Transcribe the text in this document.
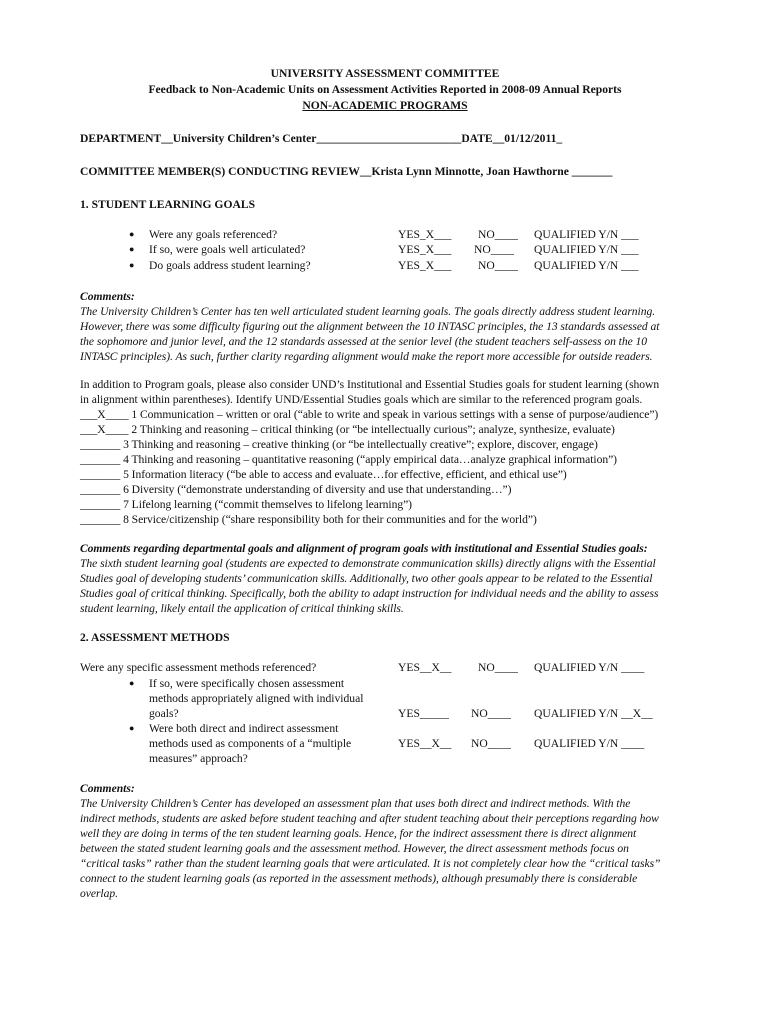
UNIVERSITY ASSESSMENT COMMITTEE
Feedback to Non-Academic Units on Assessment Activities Reported in 2008-09 Annual Reports
NON-ACADEMIC PROGRAMS
DEPARTMENT__University Children’s Center_________________________DATE__01/12/2011_
COMMITTEE MEMBER(S) CONDUCTING REVIEW__Krista Lynn Minnotte, Joan Hawthorne _______
1. STUDENT LEARNING GOALS
● Were any goals referenced?	YES_X___ NO____ QUALIFIED Y/N ___
● If so, were goals well articulated?	YES_X___ NO____ QUALIFIED Y/N ___
● Do goals address student learning?	YES_X___ NO____ QUALIFIED Y/N ___
Comments:
The University Children’s Center has ten well articulated student learning goals. The goals directly address student learning.
However, there was some difficulty figuring out the alignment between the 10 INTASC principles, the 13 standards assessed at
the sophomore and junior level, and the 12 standards assessed at the senior level (the student teachers self-assess on the 10
INTASC principles). As such, further clarity regarding alignment would make the report more accessible for outside readers.
In addition to Program goals, please also consider UND’s Institutional and Essential Studies goals for student learning (shown
in alignment within parentheses). Identify UND/Essential Studies goals which are similar to the referenced program goals.
___X____ 1 Communication – written or oral (“able to write and speak in various settings with a sense of purpose/audience”)
___X____ 2 Thinking and reasoning – critical thinking (or “be intellectually curious”; analyze, synthesize, evaluate)
_______ 3 Thinking and reasoning – creative thinking (or “be intellectually creative”; explore, discover, engage)
_______ 4 Thinking and reasoning – quantitative reasoning (“apply empirical data…analyze graphical information”)
_______ 5 Information literacy (“be able to access and evaluate…for effective, efficient, and ethical use”)
_______ 6 Diversity (“demonstrate understanding of diversity and use that understanding…”)
_______ 7 Lifelong learning (“commit themselves to lifelong learning”)
_______ 8 Service/citizenship (“share responsibility both for their communities and for the world”)
Comments regarding departmental goals and alignment of program goals with institutional and Essential Studies goals:
The sixth student learning goal (students are expected to demonstrate communication skills) directly aligns with the Essential
Studies goal of developing students’ communication skills. Additionally, two other goals appear to be related to the Essential
Studies goal of critical thinking. Specifically, both the ability to adapt instruction for individual needs and the ability to assess
student learning, likely entail the application of critical thinking skills.
2. ASSESSMENT METHODS
Were any specific assessment methods referenced?	YES__X__ NO____ QUALIFIED Y/N ____
● If so, were specifically chosen assessment
methods appropriately aligned with individual
goals?	YES_____ NO____ QUALIFIED Y/N __X__
● Were both direct and indirect assessment
methods used as components of a “multiple	YES__X__ NO____ QUALIFIED Y/N ____
measures” approach?
Comments:
The University Children’s Center has developed an assessment plan that uses both direct and indirect methods. With the
indirect methods, students are asked before student teaching and after student teaching about their perceptions regarding how
well they are doing in terms of the ten student learning goals. Hence, for the indirect assessment there is direct alignment
between the stated student learning goals and the assessment method. However, the direct assessment methods focus on
“critical tasks” rather than the student learning goals that were articulated. It is not completely clear how the “critical tasks”
connect to the student learning goals (as reported in the assessment methods), although presumably there is considerable
overlap.
